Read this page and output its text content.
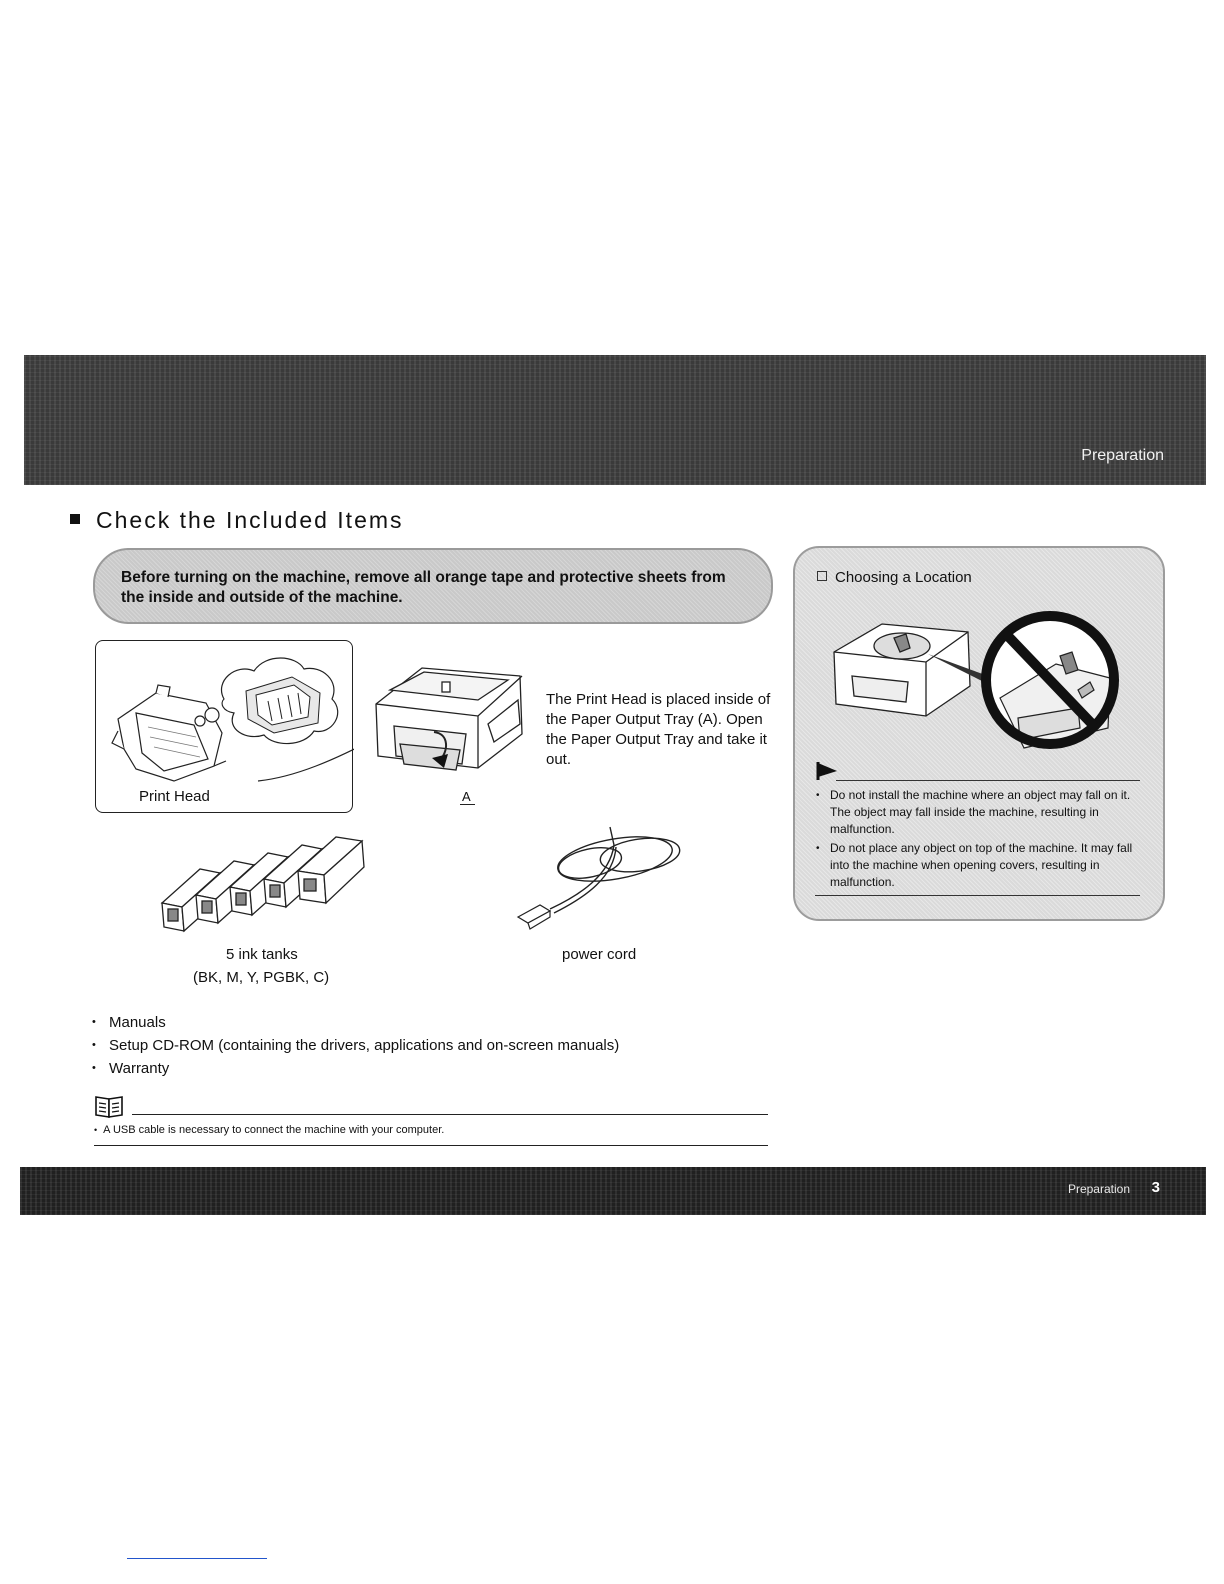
Preparation
Check the Included Items
Before turning on the machine, remove all orange tape and protective sheets from the inside and outside of the machine.
Print Head	A
The Print Head is placed inside of the Paper Output Tray (A). Open the Paper Output Tray and take it out.
5 ink tanks
(BK, M, Y, PGBK, C)
power cord
• Manuals
• Setup CD-ROM (containing the drivers, applications and on-screen manuals)
• Warranty
• A USB cable is necessary to connect the machine with your computer.
Choosing a Location
• Do not install the machine where an object may fall on it. The object may fall inside the machine, resulting in malfunction.
• Do not place any object on top of the machine. It may fall into the machine when opening covers, resulting in malfunction.
Preparation 3
